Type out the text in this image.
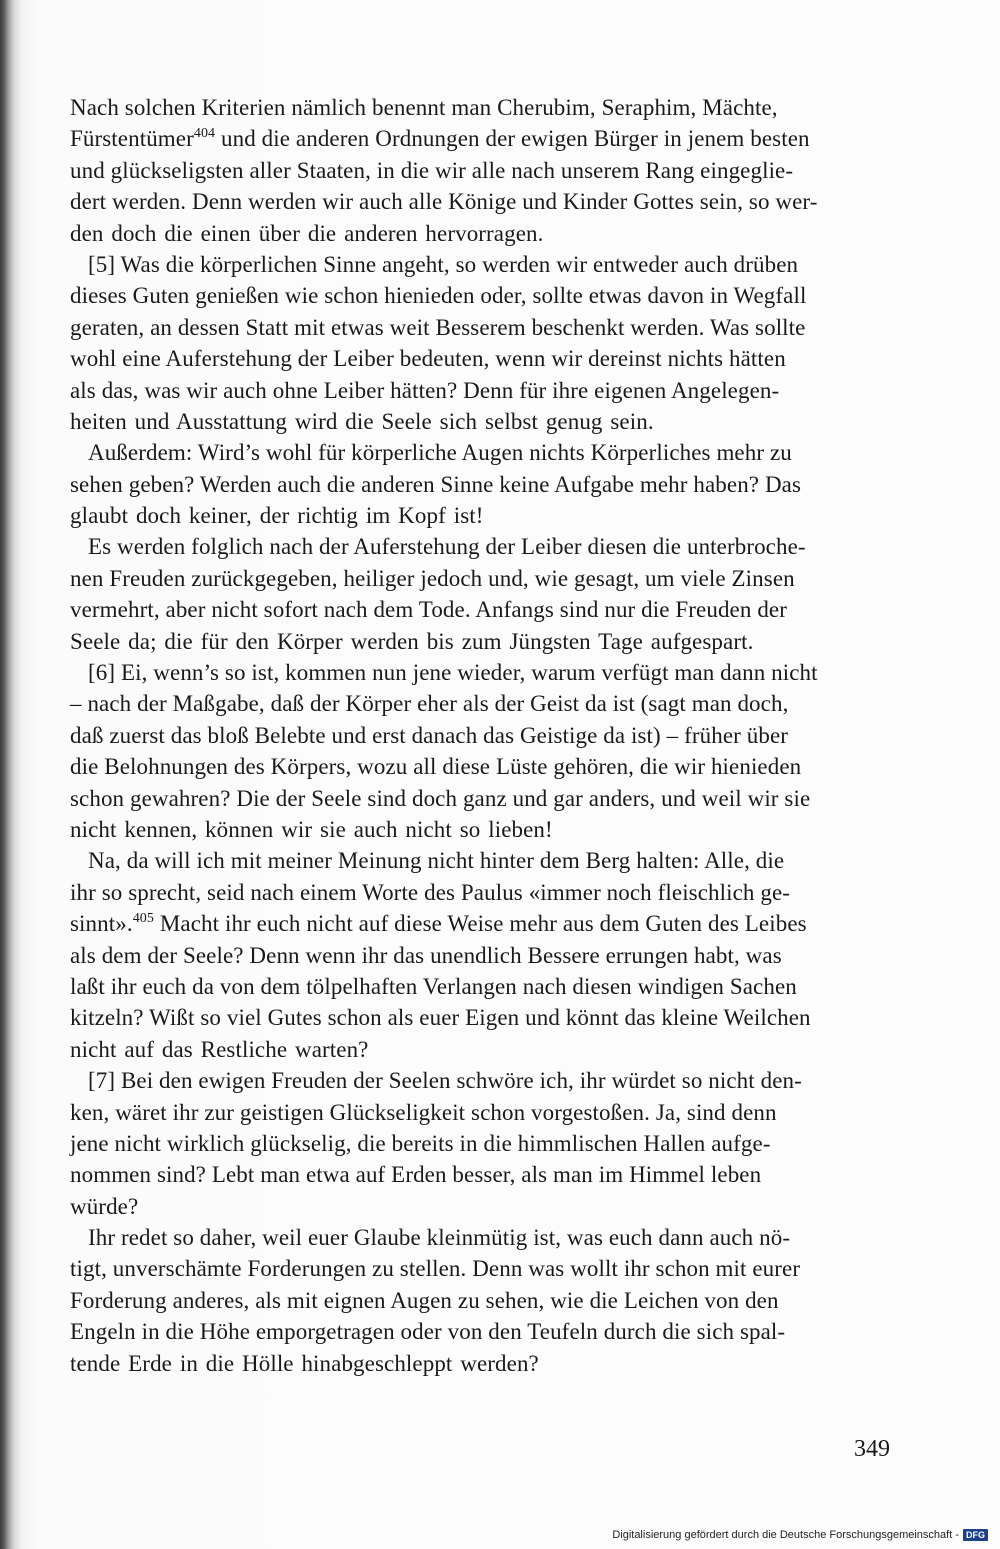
Nach solchen Kriterien nämlich benennt man Cherubim, Seraphim, Mächte,
Fürstentümer$^{404}$ und die anderen Ordnungen der ewigen Bürger in jenem besten
und glückseligsten aller Staaten, in die wir alle nach unserem Rang eingeglie-
dert werden. Denn werden wir auch alle Könige und Kinder Gottes sein, so wer-
den doch die einen über die anderen hervorragen.
[5] Was die körperlichen Sinne angeht, so werden wir entweder auch drüben
dieses Guten genießen wie schon hienieden oder, sollte etwas davon in Wegfall
geraten, an dessen Statt mit etwas weit Besserem beschenkt werden. Was sollte
wohl eine Auferstehung der Leiber bedeuten, wenn wir dereinst nichts hätten
als das, was wir auch ohne Leiber hätten? Denn für ihre eigenen Angelegen-
heiten und Ausstattung wird die Seele sich selbst genug sein.
Außerdem: Wird’s wohl für körperliche Augen nichts Körperliches mehr zu
sehen geben? Werden auch die anderen Sinne keine Aufgabe mehr haben? Das
glaubt doch keiner, der richtig im Kopf ist!
Es werden folglich nach der Auferstehung der Leiber diesen die unterbroche-
nen Freuden zurückgegeben, heiliger jedoch und, wie gesagt, um viele Zinsen
vermehrt, aber nicht sofort nach dem Tode. Anfangs sind nur die Freuden der
Seele da; die für den Körper werden bis zum Jüngsten Tage aufgespart.
[6] Ei, wenn’s so ist, kommen nun jene wieder, warum verfügt man dann nicht
– nach der Maßgabe, daß der Körper eher als der Geist da ist (sagt man doch,
daß zuerst das bloß Belebte und erst danach das Geistige da ist) – früher über
die Belohnungen des Körpers, wozu all diese Lüste gehören, die wir hienieden
schon gewahren? Die der Seele sind doch ganz und gar anders, und weil wir sie
nicht kennen, können wir sie auch nicht so lieben!
Na, da will ich mit meiner Meinung nicht hinter dem Berg halten: Alle, die
ihr so sprecht, seid nach einem Worte des Paulus «immer noch fleischlich ge-
sinnt».$^{405}$ Macht ihr euch nicht auf diese Weise mehr aus dem Guten des Leibes
als dem der Seele? Denn wenn ihr das unendlich Bessere errungen habt, was
laßt ihr euch da von dem tölpelhaften Verlangen nach diesen windigen Sachen
kitzeln? Wißt so viel Gutes schon als euer Eigen und könnt das kleine Weilchen
nicht auf das Restliche warten?
[7] Bei den ewigen Freuden der Seelen schwöre ich, ihr würdet so nicht den-
ken, wäret ihr zur geistigen Glückseligkeit schon vorgestoßen. Ja, sind denn
jene nicht wirklich glückselig, die bereits in die himmlischen Hallen aufge-
nommen sind? Lebt man etwa auf Erden besser, als man im Himmel leben
würde?
Ihr redet so daher, weil euer Glaube kleinmütig ist, was euch dann auch nö-
tigt, unverschämte Forderungen zu stellen. Denn was wollt ihr schon mit eurer
Forderung anderes, als mit eignen Augen zu sehen, wie die Leichen von den
Engeln in die Höhe emporgetragen oder von den Teufeln durch die sich spal-
tende Erde in die Hölle hinabgeschleppt werden?
349
Digitalisierung gefördert durch die Deutsche Forschungsgemeinschaft - DFG
